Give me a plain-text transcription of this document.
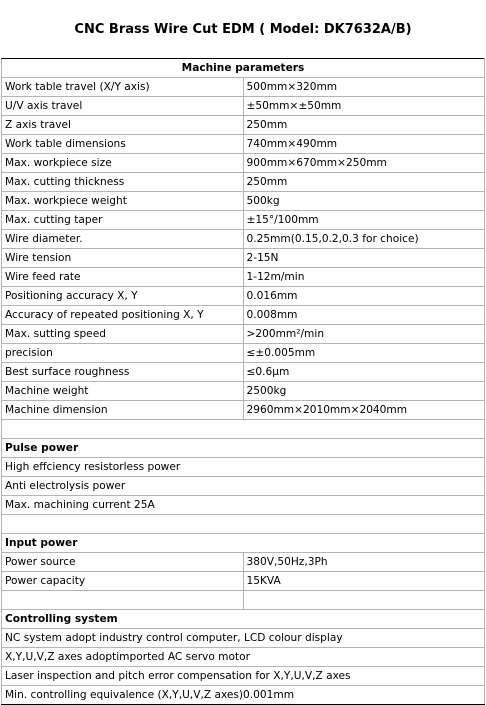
CNC Brass Wire Cut EDM ( Model: DK7632A/B)
Machine parameters	
Work table travel (X/Y axis)	500mm×320mm
U/V axis travel	±50mm×±50mm
Z axis travel	250mm
Work table dimensions	740mm×490mm
Max. workpiece size	900mm×670mm×250mm
Max. cutting thickness	250mm
Max. workpiece weight	500kg
Max. cutting taper	±15°/100mm
Wire diameter.	0.25mm(0.15,0.2,0.3 for choice)
Wire tension	2-15N
Wire feed rate	1-12m/min
Positioning accuracy X, Y	0.016mm
Accuracy of repeated positioning X, Y	0.008mm
Max. sutting speed	>200mm²/min
precision	≤±0.005mm
Best surface roughness	≤0.6μm
Machine weight	2500kg
Machine dimension	2960mm×2010mm×2040mm

Pulse power	
High effciency resistorless power	
Anti electrolysis power	
Max. machining current 25A	

Input power	
Power source	380V,50Hz,3Ph
Power capacity	15KVA

Controlling system	
NC system adopt industry control computer, LCD colour display	
X,Y,U,V,Z axes adoptimported AC servo motor	
Laser inspection and pitch error compensation for X,Y,U,V,Z axes	
Min. controlling equivalence (X,Y,U,V,Z axes)0.001mm	
